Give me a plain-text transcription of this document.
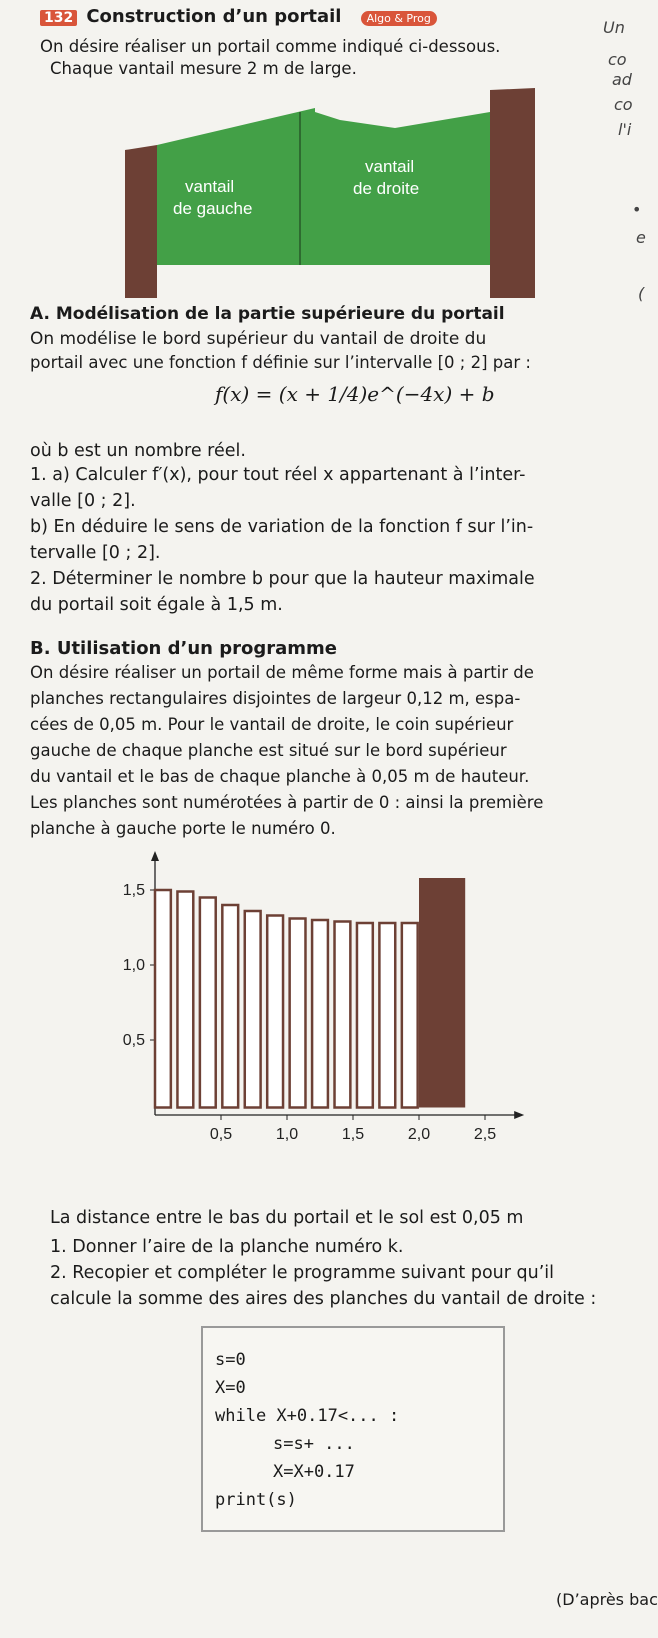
132 Construction d’un portail Algo & Prog
On désire réaliser un portail comme indiqué ci-dessous.
Chaque vantail mesure 2 m de large.
Un
co
ad
co
l'i
•
e
(
vantail
de gauche
vantail
de droite
A. Modélisation de la partie supérieure du portail
On modélise le bord supérieur du vantail de droite du
portail avec une fonction f définie sur l’intervalle [0 ; 2] par :
f(x) = (x + 1/4)e^(−4x) + b
où b est un nombre réel.
1. a) Calculer f′(x), pour tout réel x appartenant à l’inter-
valle [0 ; 2].
b) En déduire le sens de variation de la fonction f sur l’in-
tervalle [0 ; 2].
2. Déterminer le nombre b pour que la hauteur maximale
du portail soit égale à 1,5 m.
B. Utilisation d’un programme
On désire réaliser un portail de même forme mais à partir de
planches rectangulaires disjointes de largeur 0,12 m, espa-
cées de 0,05 m. Pour le vantail de droite, le coin supérieur
gauche de chaque planche est situé sur le bord supérieur
du vantail et le bas de chaque planche à 0,05 m de hauteur.
Les planches sont numérotées à partir de 0 : ainsi la première
planche à gauche porte le numéro 0.
0,5	1,0	1,5	2,0	2,5
0,5
1,0
1,5
La distance entre le bas du portail et le sol est 0,05 m
1. Donner l’aire de la planche numéro k.
2. Recopier et compléter le programme suivant pour qu’il
calcule la somme des aires des planches du vantail de droite :
s=0
X=0
while X+0.17<... :
s=s+ ...
X=X+0.17
print(s)
(D’après bac
